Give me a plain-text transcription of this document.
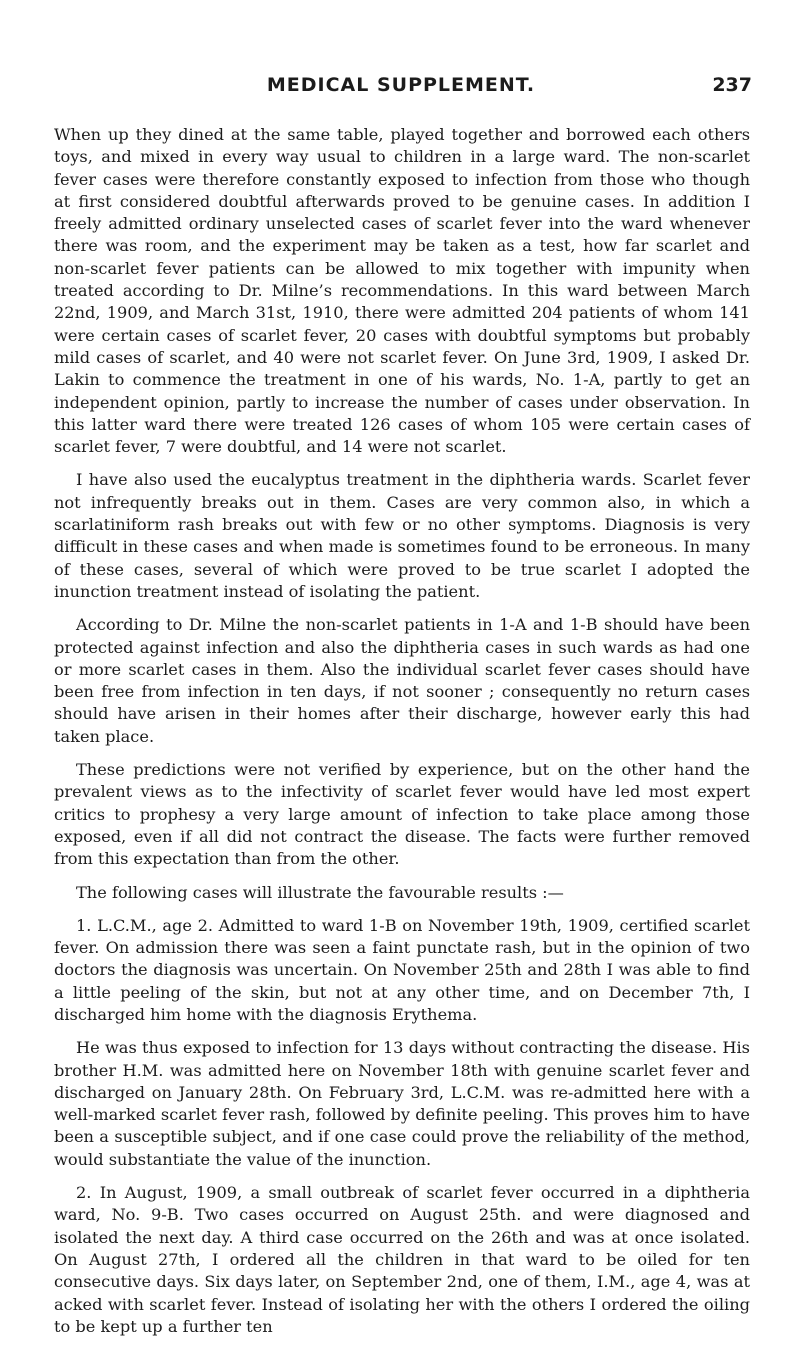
MEDICAL SUPPLEMENT.	237

When up they dined at the same table, played together and borrowed each others toys, and mixed in every way usual to children in a large ward. The non-scarlet fever cases were therefore constantly exposed to infection from those who though at first considered doubtful afterwards proved to be genuine cases. In addition I freely admitted ordinary unselected cases of scarlet fever into the ward whenever there was room, and the experiment may be taken as a test, how far scarlet and non-scarlet fever patients can be allowed to mix together with impunity when treated according to Dr. Milne’s recommendations. In this ward between March 22nd, 1909, and March 31st, 1910, there were admitted 204 patients of whom 141 were certain cases of scarlet fever, 20 cases with doubtful symptoms but probably mild cases of scarlet, and 40 were not scarlet fever. On June 3rd, 1909, I asked Dr. Lakin to commence the treatment in one of his wards, No. 1-A, partly to get an independent opinion, partly to increase the number of cases under observation. In this latter ward there were treated 126 cases of whom 105 were certain cases of scarlet fever, 7 were doubtful, and 14 were not scarlet.

I have also used the eucalyptus treatment in the diphtheria wards. Scarlet fever not infrequently breaks out in them. Cases are very common also, in which a scarlatiniform rash breaks out with few or no other symptoms. Diagnosis is very difficult in these cases and when made is sometimes found to be erroneous. In many of these cases, several of which were proved to be true scarlet I adopted the inunction treatment instead of isolating the patient.

According to Dr. Milne the non-scarlet patients in 1-A and 1-B should have been protected against infection and also the diphtheria cases in such wards as had one or more scarlet cases in them. Also the individual scarlet fever cases should have been free from infection in ten days, if not sooner ; consequently no return cases should have arisen in their homes after their discharge, however early this had taken place.

These predictions were not verified by experience, but on the other hand the prevalent views as to the infectivity of scarlet fever would have led most expert critics to prophesy a very large amount of infection to take place among those exposed, even if all did not contract the disease. The facts were further removed from this expectation than from the other.

The following cases will illustrate the favourable results :—

1. L.C.M., age 2. Admitted to ward 1-B on November 19th, 1909, certified scarlet fever. On admission there was seen a faint punctate rash, but in the opinion of two doctors the diagnosis was uncertain. On November 25th and 28th I was able to find a little peeling of the skin, but not at any other time, and on December 7th, I discharged him home with the diagnosis Erythema.

He was thus exposed to infection for 13 days without contracting the disease. His brother H.M. was admitted here on November 18th with genuine scarlet fever and discharged on January 28th. On February 3rd, L.C.M. was re-admitted here with a well-marked scarlet fever rash, followed by definite peeling. This proves him to have been a susceptible subject, and if one case could prove the reliability of the method, would substantiate the value of the inunction.

2. In August, 1909, a small outbreak of scarlet fever occurred in a diphtheria ward, No. 9-B. Two cases occurred on August 25th. and were diagnosed and isolated the next day. A third case occurred on the 26th and was at once isolated. On August 27th, I ordered all the children in that ward to be oiled for ten consecutive days. Six days later, on September 2nd, one of them, I.M., age 4, was at acked with scarlet fever. Instead of isolating her with the others I ordered the oiling to be kept up a further ten
